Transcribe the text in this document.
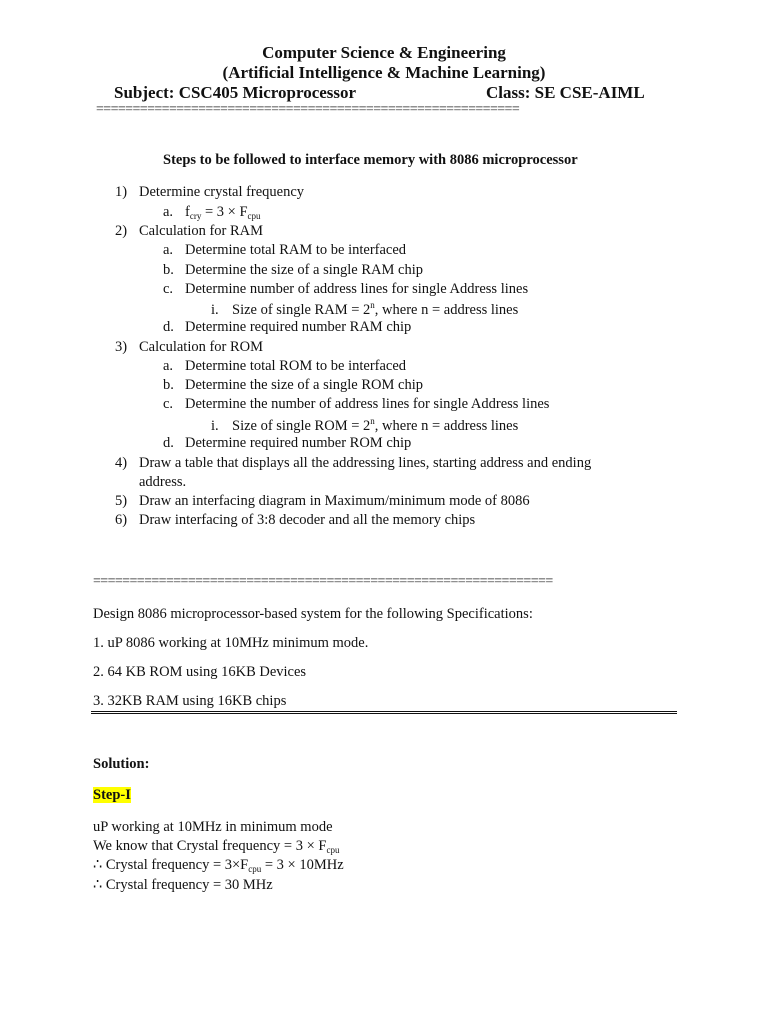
Computer Science & Engineering
(Artificial Intelligence & Machine Learning)
Subject: CSC405 Microprocessor	Class: SE CSE-AIML
==========================================================
Steps to be followed to interface memory with 8086 microprocessor
1) Determine crystal frequency
a. $f_{cry} = 3 \times F_{cpu}$
2) Calculation for RAM
a. Determine total RAM to be interfaced
b. Determine the size of a single RAM chip
c. Determine number of address lines for single Address lines
i. Size of single RAM = $2^n$, where n = address lines
d. Determine required number RAM chip
3) Calculation for ROM
a. Determine total ROM to be interfaced
b. Determine the size of a single ROM chip
c. Determine the number of address lines for single Address lines
i. Size of single ROM = $2^n$, where n = address lines
d. Determine required number ROM chip
4) Draw a table that displays all the addressing lines, starting address and ending
address.
5) Draw an interfacing diagram in Maximum/minimum mode of 8086
6) Draw interfacing of 3:8 decoder and all the memory chips
===============================================================
Design 8086 microprocessor-based system for the following Specifications:
1. uP 8086 working at 10MHz minimum mode.
2. 64 KB ROM using 16KB Devices
3. 32KB RAM using 16KB chips
Solution:
Step-I
uP working at 10MHz in minimum mode
We know that Crystal frequency = $3 \times F_{cpu}$
∴ Crystal frequency = $3\times F_{cpu} = 3 \times 10MHz$
∴ Crystal frequency = 30 MHz
